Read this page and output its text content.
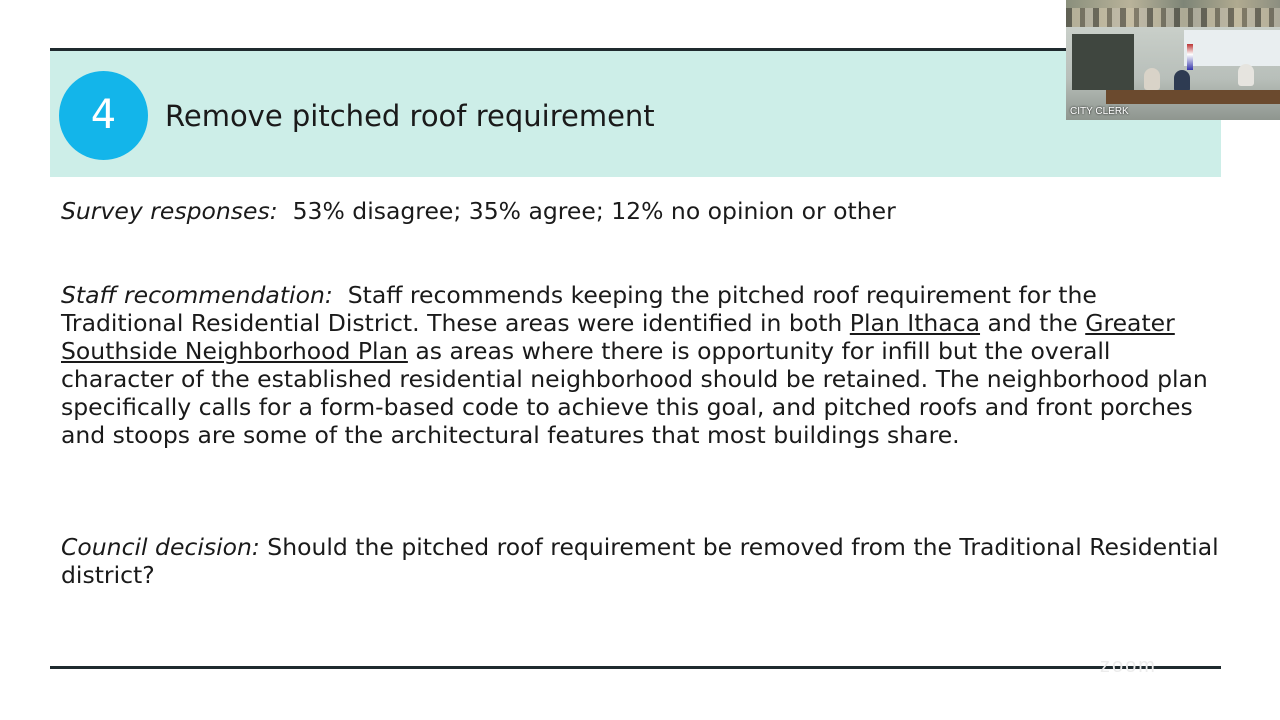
4	Remove pitched roof requirement
Survey responses: 53% disagree; 35% agree; 12% no opinion or other
Staff recommendation: Staff recommends keeping the pitched roof requirement for the Traditional Residential District. These areas were identified in both Plan Ithaca and the Greater Southside Neighborhood Plan as areas where there is opportunity for infill but the overall character of the established residential neighborhood should be retained. The neighborhood plan specifically calls for a form-based code to achieve this goal, and pitched roofs and front porches and stoops are some of the architectural features that most buildings share.
Council decision: Should the pitched roof requirement be removed from the Traditional Residential district?
zoom
CITY CLERK
